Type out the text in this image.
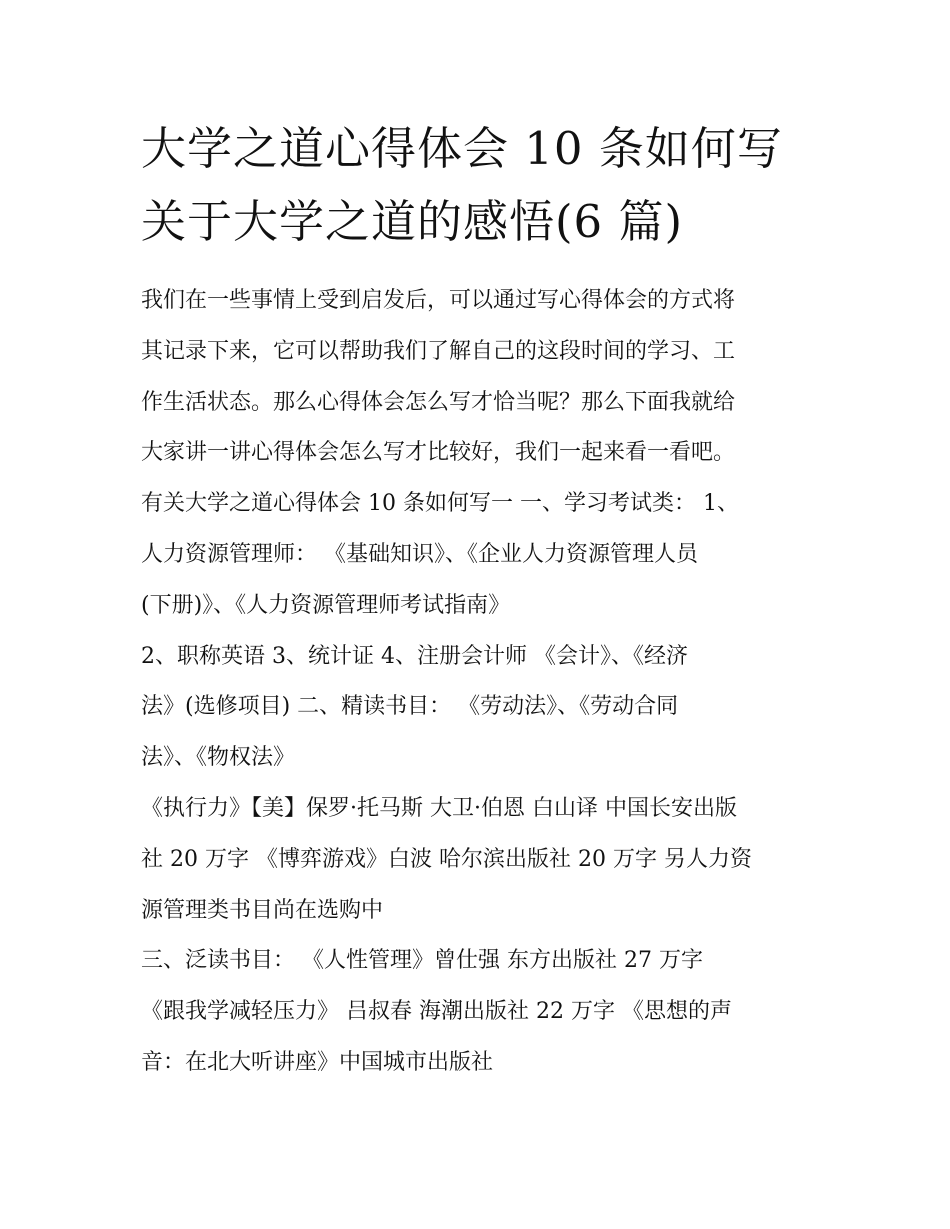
大学之道心得体会 10 条如何写
关于大学之道的感悟(6 篇)
我们在一些事情上受到启发后，可以通过写心得体会的方式将
其记录下来，它可以帮助我们了解自己的这段时间的学习、工
作生活状态。那么心得体会怎么写才恰当呢？那么下面我就给
大家讲一讲心得体会怎么写才比较好，我们一起来看一看吧。
有关大学之道心得体会 10 条如何写一 一、学习考试类： 1、
人力资源管理师： 《基础知识》、《企业人力资源管理人员
(下册)》、《人力资源管理师考试指南》
2、职称英语 3、统计证 4、注册会计师 《会计》、《经济
法》(选修项目) 二、精读书目： 《劳动法》、《劳动合同
法》、《物权法》
《执行力》【美】保罗·托马斯 大卫·伯恩 白山译 中国长安出版
社 20 万字 《博弈游戏》白波 哈尔滨出版社 20 万字 另人力资
源管理类书目尚在选购中
三、泛读书目： 《人性管理》曾仕强 东方出版社 27 万字
《跟我学减轻压力》 吕叔春 海潮出版社 22 万字 《思想的声
音：在北大听讲座》中国城市出版社
